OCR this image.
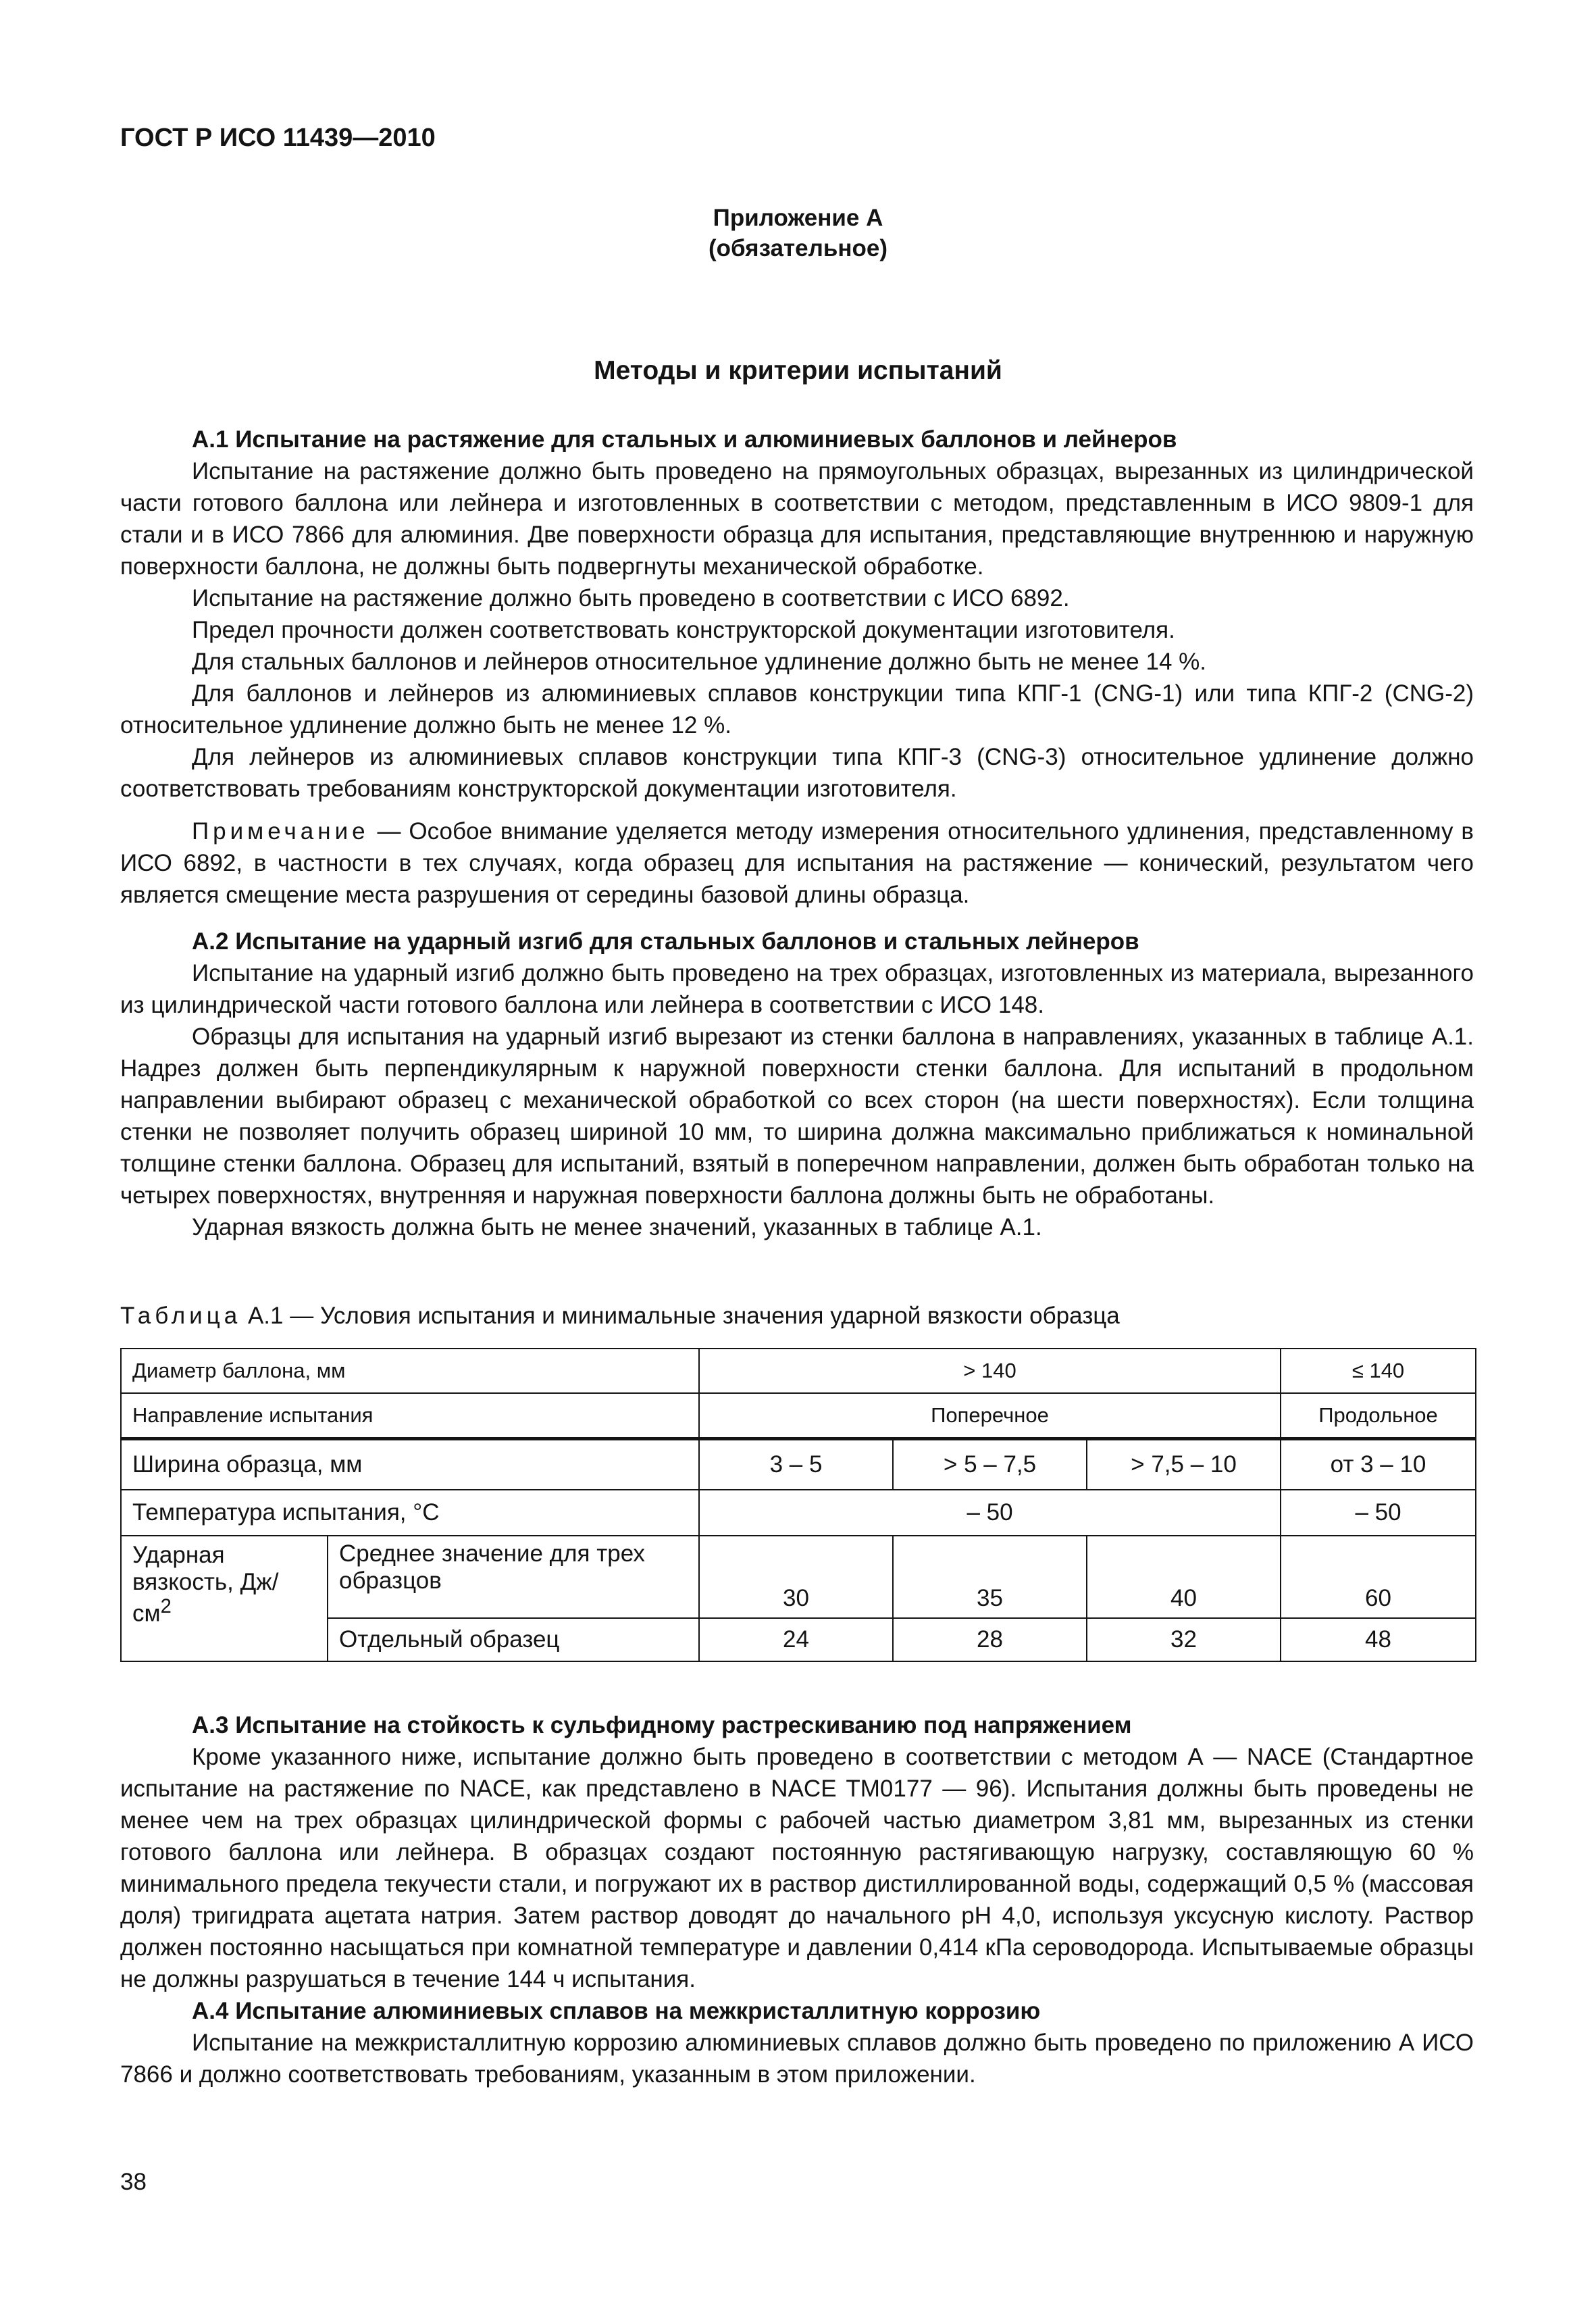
ГОСТ Р ИСО 11439—2010
Приложение А
(обязательное)
Методы и критерии испытаний

А.1 Испытание на растяжение для стальных и алюминиевых баллонов и лейнеров

Испытание на растяжение должно быть проведено на прямоугольных образцах, вырезанных из цилиндрической части готового баллона или лейнера и изготовленных в соответствии с методом, представленным в ИСО 9809-1 для стали и в ИСО 7866 для алюминия. Две поверхности образца для испытания, представляющие внутреннюю и наружную поверхности баллона, не должны быть подвергнуты механической обработке.

Испытание на растяжение должно быть проведено в соответствии с ИСО 6892.

Предел прочности должен соответствовать конструкторской документации изготовителя.

Для стальных баллонов и лейнеров относительное удлинение должно быть не менее 14 %.

Для баллонов и лейнеров из алюминиевых сплавов конструкции типа КПГ-1 (CNG-1) или типа КПГ-2 (CNG-2) относительное удлинение должно быть не менее 12 %.

Для лейнеров из алюминиевых сплавов конструкции типа КПГ-3 (CNG-3) относительное удлинение должно соответствовать требованиям конструкторской документации изготовителя.

Примечание — Особое внимание уделяется методу измерения относительного удлинения, представленному в ИСО 6892, в частности в тех случаях, когда образец для испытания на растяжение — конический, результатом чего является смещение места разрушения от середины базовой длины образца.

А.2 Испытание на ударный изгиб для стальных баллонов и стальных лейнеров

Испытание на ударный изгиб должно быть проведено на трех образцах, изготовленных из материала, вырезанного из цилиндрической части готового баллона или лейнера в соответствии с ИСО 148.

Образцы для испытания на ударный изгиб вырезают из стенки баллона в направлениях, указанных в таблице А.1. Надрез должен быть перпендикулярным к наружной поверхности стенки баллона. Для испытаний в продольном направлении выбирают образец с механической обработкой со всех сторон (на шести поверхностях). Если толщина стенки не позволяет получить образец шириной 10 мм, то ширина должна максимально приближаться к номинальной толщине стенки баллона. Образец для испытаний, взятый в поперечном направлении, должен быть обработан только на четырех поверхностях, внутренняя и наружная поверхности баллона должны быть не обработаны.

Ударная вязкость должна быть не менее значений, указанных в таблице А.1.

Таблица А.1 — Условия испытания и минимальные значения ударной вязкости образца
Диаметр баллона, мм		> 140			≤ 140
Направление испытания		Поперечное			Продольное
Ширина образца, мм		3 – 5	> 5 – 7,5	> 7,5 – 10	от 3 – 10
Температура испытания, °С		– 50			– 50
Ударная вязкость, $Дж/см^2$	Среднее значение для трех образцов	30	35	40	60
	Отдельный образец	24	28	32	48

А.3 Испытание на стойкость к сульфидному растрескиванию под напряжением

Кроме указанного ниже, испытание должно быть проведено в соответствии с методом А — NACE (Стандартное испытание на растяжение по NACE, как представлено в NACE TM0177 — 96). Испытания должны быть проведены не менее чем на трех образцах цилиндрической формы с рабочей частью диаметром 3,81 мм, вырезанных из стенки готового баллона или лейнера. В образцах создают постоянную растягивающую нагрузку, составляющую 60 % минимального предела текучести стали, и погружают их в раствор дистиллированной воды, содержащий 0,5 % (массовая доля) тригидрата ацетата натрия. Затем раствор доводят до начального pH 4,0, используя уксусную кислоту. Раствор должен постоянно насыщаться при комнатной температуре и давлении 0,414 кПа сероводорода. Испытываемые образцы не должны разрушаться в течение 144 ч испытания.

А.4 Испытание алюминиевых сплавов на межкристаллитную коррозию

Испытание на межкристаллитную коррозию алюминиевых сплавов должно быть проведено по приложению А ИСО 7866 и должно соответствовать требованиям, указанным в этом приложении.

38
